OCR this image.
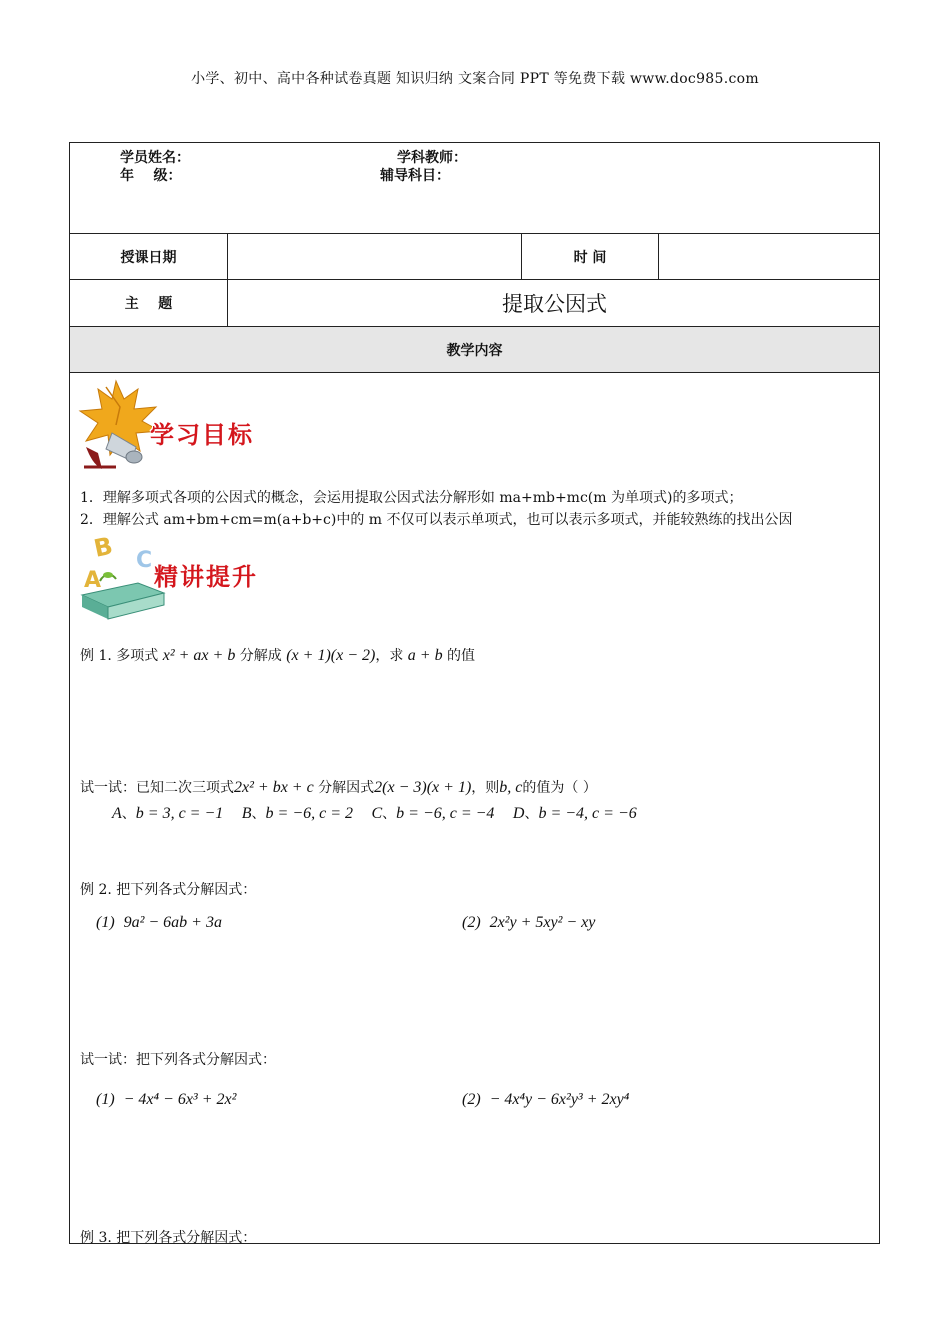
小学、初中、高中各种试卷真题 知识归纳 文案合同 PPT 等免费下载 www.doc985.com
学员姓名：	学科教师：
年    级：	辅导科目：
授课日期	时 间
主    题	提取公因式
教学内容
学习目标
1．理解多项式各项的公因式的概念，会运用提取公因式法分解形如 ma+mb+mc(m 为单项式)的多项式；
2．理解公式 am+bm+cm=m(a+b+c)中的 m 不仅可以表示单项式，也可以表示多项式，并能较熟练的找出公因
B C
A 精讲提升
例 1. 多项式 x² + ax + b 分解成 (x + 1)(x − 2)，求 a + b 的值
试一试：已知二次三项式2x² + bx + c 分解因式2(x − 3)(x + 1)，则b, c的值为（ ）
A、b = 3, c = −1 B、b = −6, c = 2 C、b = −6, c = −4 D、b = −4, c = −6
例 2. 把下列各式分解因式：
(1) 9a² − 6ab + 3a	(2) 2x²y + 5xy² − xy
试一试：把下列各式分解因式：
(1) − 4x⁴ − 6x³ + 2x²	(2) − 4x⁴y − 6x²y³ + 2xy⁴
例 3. 把下列各式分解因式：
